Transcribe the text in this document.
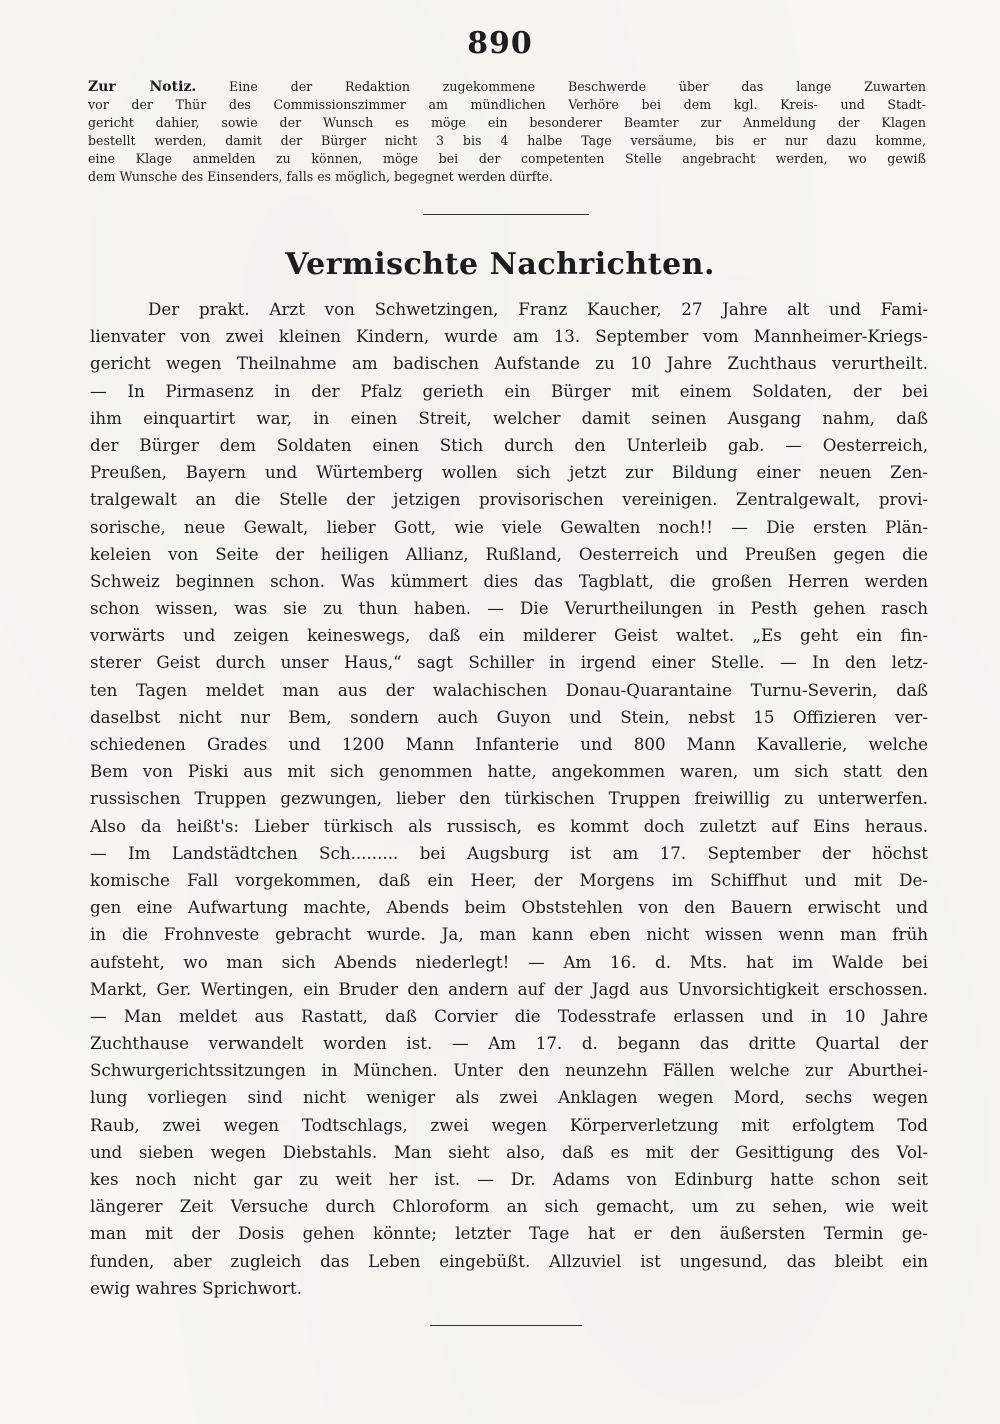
890
Zur Notiz. Eine der Redaktion zugekommene Beschwerde über das lange Zuwarten
vor der Thür des Commissionszimmer am mündlichen Verhöre bei dem kgl. Kreis- und Stadt-
gericht dahier, sowie der Wunsch es möge ein besonderer Beamter zur Anmeldung der Klagen
bestellt werden, damit der Bürger nicht 3 bis 4 halbe Tage versäume, bis er nur dazu komme,
eine Klage anmelden zu können, möge bei der competenten Stelle angebracht werden, wo gewiß
dem Wunsche des Einsenders, falls es möglich, begegnet werden dürfte.
Vermischte Nachrichten.
Der prakt. Arzt von Schwetzingen, Franz Kaucher, 27 Jahre alt und Fami-
lienvater von zwei kleinen Kindern, wurde am 13. September vom Mannheimer-Kriegs-
gericht wegen Theilnahme am badischen Aufstande zu 10 Jahre Zuchthaus verurtheilt.
— In Pirmasenz in der Pfalz gerieth ein Bürger mit einem Soldaten, der bei
ihm einquartirt war, in einen Streit, welcher damit seinen Ausgang nahm, daß
der Bürger dem Soldaten einen Stich durch den Unterleib gab. — Oesterreich,
Preußen, Bayern und Würtemberg wollen sich jetzt zur Bildung einer neuen Zen-
tralgewalt an die Stelle der jetzigen provisorischen vereinigen. Zentralgewalt, provi-
sorische, neue Gewalt, lieber Gott, wie viele Gewalten noch!! — Die ersten Plän-
keleien von Seite der heiligen Allianz, Rußland, Oesterreich und Preußen gegen die
Schweiz beginnen schon. Was kümmert dies das Tagblatt, die großen Herren werden
schon wissen, was sie zu thun haben. — Die Verurtheilungen in Pesth gehen rasch
vorwärts und zeigen keineswegs, daß ein milderer Geist waltet. „Es geht ein fin-
sterer Geist durch unser Haus,“ sagt Schiller in irgend einer Stelle. — In den letz-
ten Tagen meldet man aus der walachischen Donau-Quarantaine Turnu-Severin, daß
daselbst nicht nur Bem, sondern auch Guyon und Stein, nebst 15 Offizieren ver-
schiedenen Grades und 1200 Mann Infanterie und 800 Mann Kavallerie, welche
Bem von Piski aus mit sich genommen hatte, angekommen waren, um sich statt den
russischen Truppen gezwungen, lieber den türkischen Truppen freiwillig zu unterwerfen.
Also da heißt's: Lieber türkisch als russisch, es kommt doch zuletzt auf Eins heraus.
— Im Landstädtchen Sch......... bei Augsburg ist am 17. September der höchst
komische Fall vorgekommen, daß ein Heer, der Morgens im Schiffhut und mit De-
gen eine Aufwartung machte, Abends beim Obststehlen von den Bauern erwischt und
in die Frohnveste gebracht wurde. Ja, man kann eben nicht wissen wenn man früh
aufsteht, wo man sich Abends niederlegt! — Am 16. d. Mts. hat im Walde bei
Markt, Ger. Wertingen, ein Bruder den andern auf der Jagd aus Unvorsichtigkeit erschossen.
— Man meldet aus Rastatt, daß Corvier die Todesstrafe erlassen und in 10 Jahre
Zuchthause verwandelt worden ist. — Am 17. d. begann das dritte Quartal der
Schwurgerichtssitzungen in München. Unter den neunzehn Fällen welche zur Aburthei-
lung vorliegen sind nicht weniger als zwei Anklagen wegen Mord, sechs wegen
Raub, zwei wegen Todtschlags, zwei wegen Körperverletzung mit erfolgtem Tod
und sieben wegen Diebstahls. Man sieht also, daß es mit der Gesittigung des Vol-
kes noch nicht gar zu weit her ist. — Dr. Adams von Edinburg hatte schon seit
längerer Zeit Versuche durch Chloroform an sich gemacht, um zu sehen, wie weit
man mit der Dosis gehen könnte; letzter Tage hat er den äußersten Termin ge-
funden, aber zugleich das Leben eingebüßt. Allzuviel ist ungesund, das bleibt ein
ewig wahres Sprichwort.
